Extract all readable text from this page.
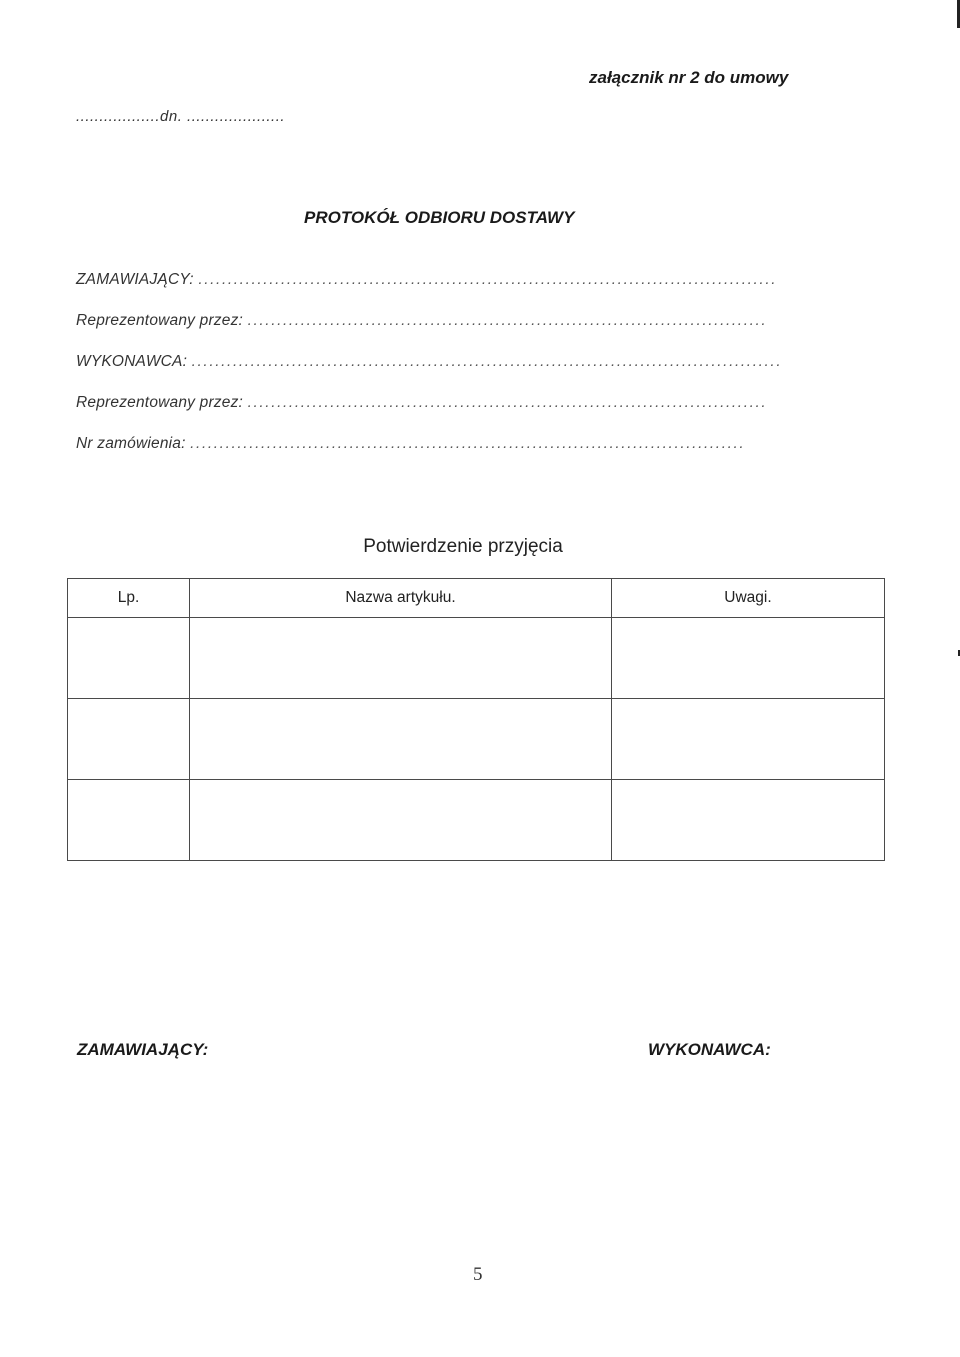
załącznik nr 2 do umowy
..................dn. .....................
PROTOKÓŁ ODBIORU DOSTAWY
ZAMAWIAJĄCY: ..................................................................................................
Reprezentowany przez: ........................................................................................
WYKONAWCA: ....................................................................................................
Reprezentowany przez: ........................................................................................
Nr zamówienia: ..............................................................................................
Potwierdzenie przyjęcia
Lp.	Nazwa artykułu.	Uwagi.

ZAMAWIAJĄCY:	WYKONAWCA:
5
